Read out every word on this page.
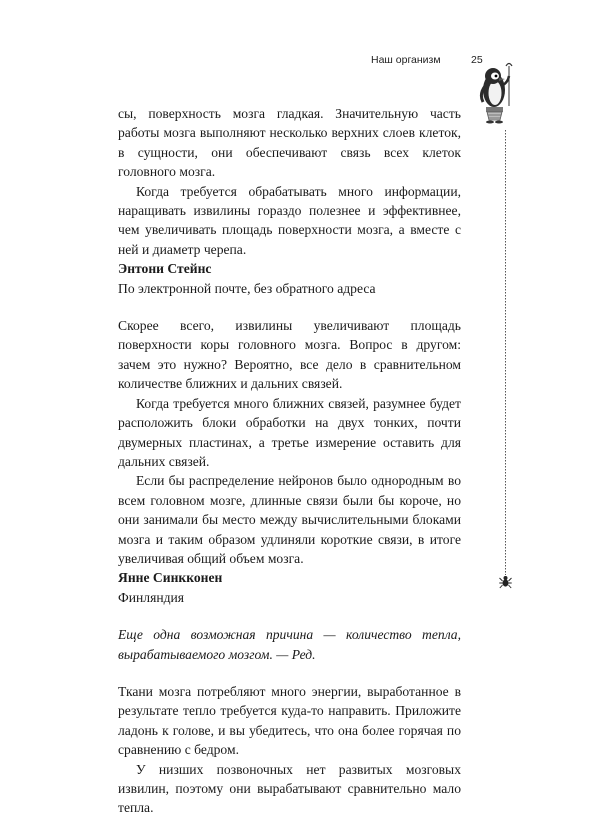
Наш организм	25

сы, поверхность мозга гладкая. Значительную часть работы мозга выполняют несколько верхних слоев клеток, в сущности, они обеспечивают связь всех клеток головного мозга.

Когда требуется обрабатывать много информации, наращивать извилины гораздо полезнее и эффективнее, чем увеличивать площадь поверхности мозга, а вместе с ней и диаметр черепа.

Энтони Стейнс

По электронной почте, без обратного адреса

Скорее всего, извилины увеличивают площадь поверхности коры головного мозга. Вопрос в другом: зачем это нужно? Вероятно, все дело в сравнительном количестве ближних и дальних связей.

Когда требуется много ближних связей, разумнее будет расположить блоки обработки на двух тонких, почти двумерных пластинах, а третье измерение оставить для дальних связей.

Если бы распределение нейронов было однородным во всем головном мозге, длинные связи были бы короче, но они занимали бы место между вычислительными блоками мозга и таким образом удлиняли короткие связи, в итоге увеличивая общий объем мозга.

Янне Синкконен

Финляндия

Еще одна возможная причина — количество тепла, вырабатываемого мозгом. — Ред.

Ткани мозга потребляют много энергии, выработанное в результате тепло требуется куда-то направить. Приложите ладонь к голове, и вы убедитесь, что она более горячая по сравнению с бедром.

У низших позвоночных нет развитых мозговых извилин, поэтому они вырабатывают сравнительно мало тепла.
